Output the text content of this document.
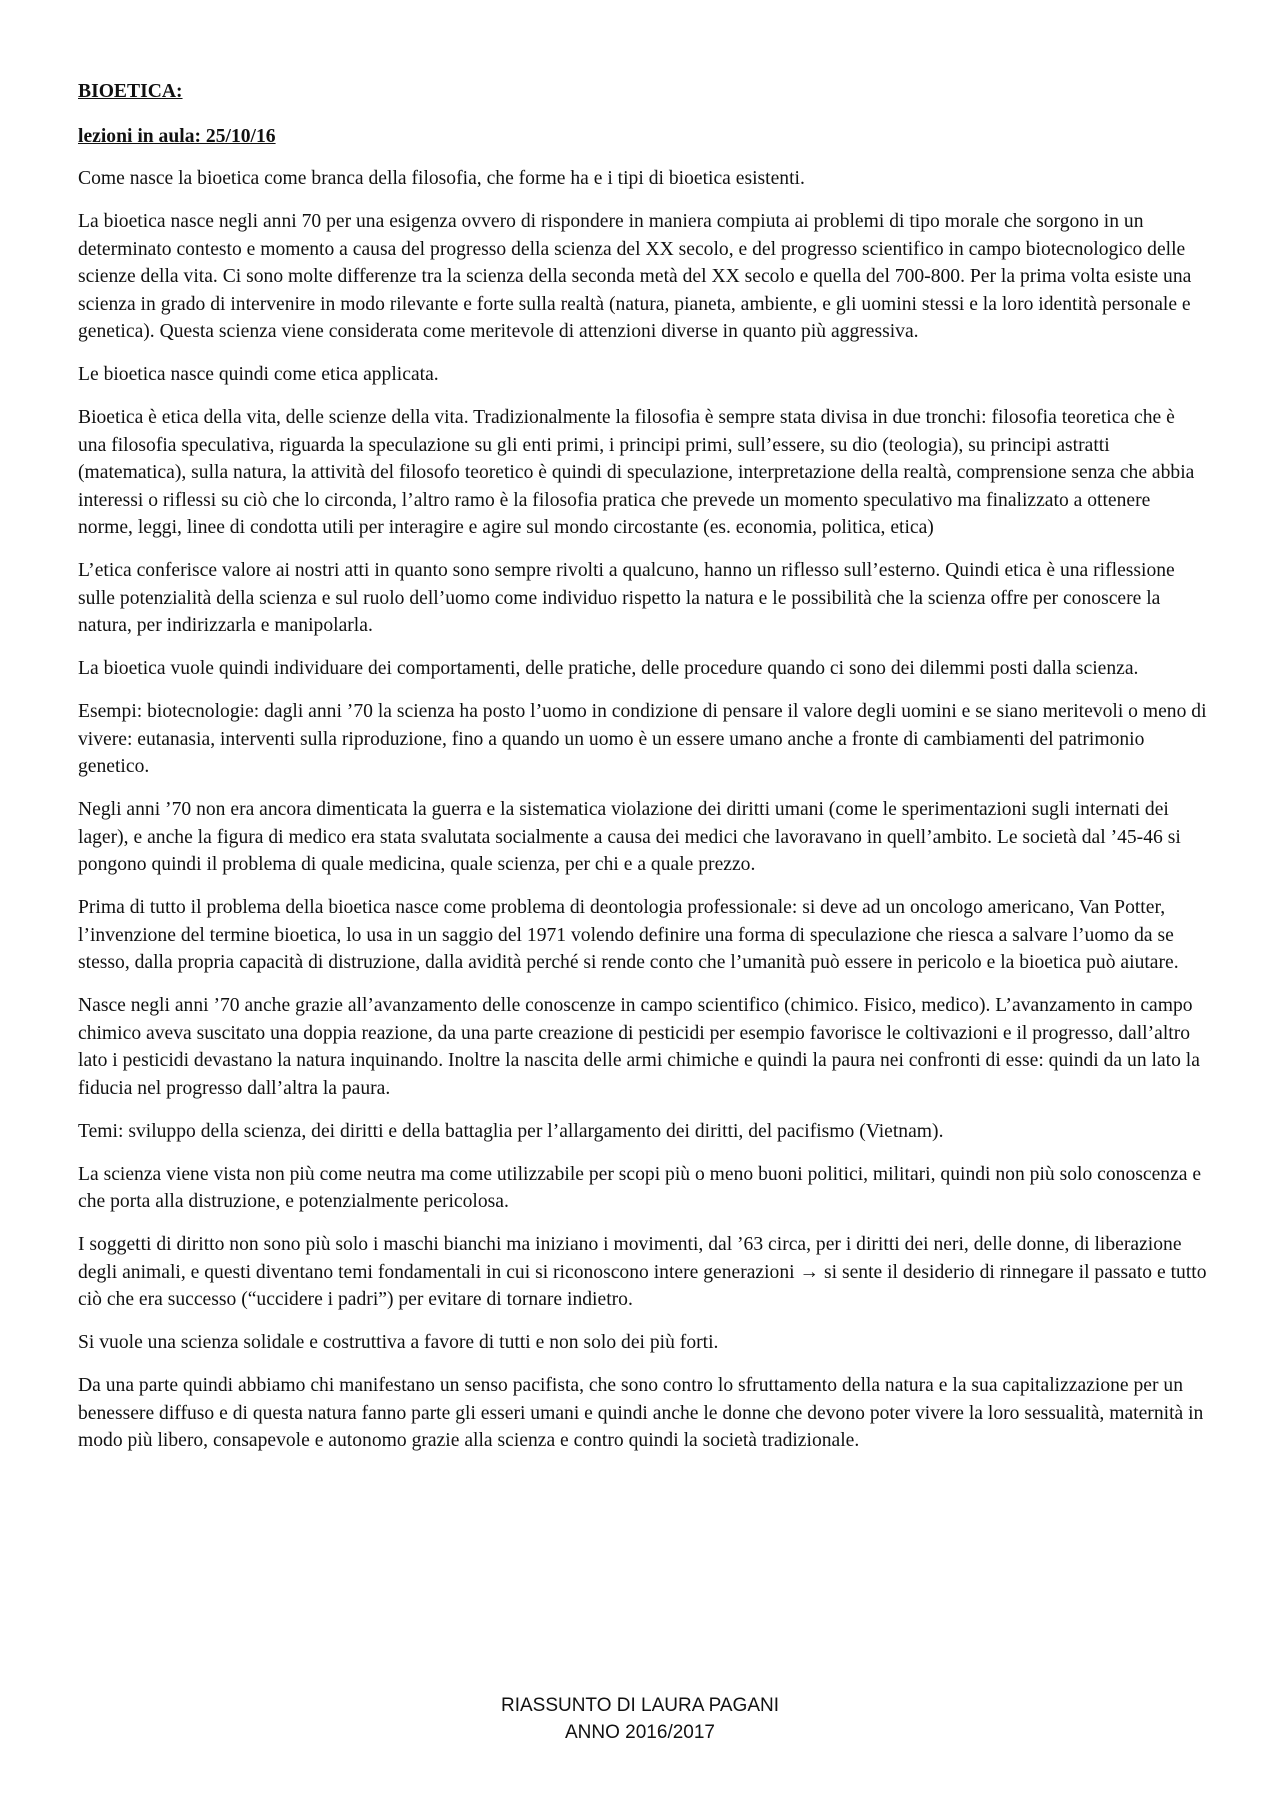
BIOETICA:
lezioni in aula: 25/10/16

Come nasce la bioetica come branca della filosofia, che forme ha e i tipi di bioetica esistenti.

La bioetica nasce negli anni 70 per una esigenza ovvero di rispondere in maniera compiuta ai problemi di tipo morale che sorgono in un determinato contesto e momento a causa del progresso della scienza del XX secolo, e del progresso scientifico in campo biotecnologico delle scienze della vita. Ci sono molte differenze tra la scienza della seconda metà del XX secolo e quella del 700-800. Per la prima volta esiste una scienza in grado di intervenire in modo rilevante e forte sulla realtà (natura, pianeta, ambiente, e gli uomini stessi e la loro identità personale e genetica). Questa scienza viene considerata come meritevole di attenzioni diverse in quanto più aggressiva.

Le bioetica nasce quindi come etica applicata.

Bioetica è etica della vita, delle scienze della vita. Tradizionalmente la filosofia è sempre stata divisa in due tronchi: filosofia teoretica che è una filosofia speculativa, riguarda la speculazione su gli enti primi, i principi primi, sull’essere, su dio (teologia), su principi astratti (matematica), sulla natura, la attività del filosofo teoretico è quindi di speculazione, interpretazione della realtà, comprensione senza che abbia interessi o riflessi su ciò che lo circonda, l’altro ramo è la filosofia pratica che prevede un momento speculativo ma finalizzato a ottenere norme, leggi, linee di condotta utili per interagire e agire sul mondo circostante (es. economia, politica, etica)

L’etica conferisce valore ai nostri atti in quanto sono sempre rivolti a qualcuno, hanno un riflesso sull’esterno. Quindi etica è una riflessione sulle potenzialità della scienza e sul ruolo dell’uomo come individuo rispetto la natura e le possibilità che la scienza offre per conoscere la natura, per indirizzarla e manipolarla.

La bioetica vuole quindi individuare dei comportamenti, delle pratiche, delle procedure quando ci sono dei dilemmi posti dalla scienza.

Esempi: biotecnologie: dagli anni ’70 la scienza ha posto l’uomo in condizione di pensare il valore degli uomini e se siano meritevoli o meno di vivere: eutanasia, interventi sulla riproduzione, fino a quando un uomo è un essere umano anche a fronte di cambiamenti del patrimonio genetico.

Negli anni ’70 non era ancora dimenticata la guerra e la sistematica violazione dei diritti umani (come le sperimentazioni sugli internati dei lager), e anche la figura di medico era stata svalutata socialmente a causa dei medici che lavoravano in quell’ambito. Le società dal ’45-46 si pongono quindi il problema di quale medicina, quale scienza, per chi e a quale prezzo.

Prima di tutto il problema della bioetica nasce come problema di deontologia professionale: si deve ad un oncologo americano, Van Potter, l’invenzione del termine bioetica, lo usa in un saggio del 1971 volendo definire una forma di speculazione che riesca a salvare l’uomo da se stesso, dalla propria capacità di distruzione, dalla avidità perché si rende conto che l’umanità può essere in pericolo e la bioetica può aiutare.

Nasce negli anni ’70 anche grazie all’avanzamento delle conoscenze in campo scientifico (chimico. Fisico, medico). L’avanzamento in campo chimico aveva suscitato una doppia reazione, da una parte creazione di pesticidi per esempio favorisce le coltivazioni e il progresso, dall’altro lato i pesticidi devastano la natura inquinando. Inoltre la nascita delle armi chimiche e quindi la paura nei confronti di esse: quindi da un lato la fiducia nel progresso dall’altra la paura.

Temi: sviluppo della scienza, dei diritti e della battaglia per l’allargamento dei diritti, del pacifismo (Vietnam).

La scienza viene vista non più come neutra ma come utilizzabile per scopi più o meno buoni politici, militari, quindi non più solo conoscenza e che porta alla distruzione, e potenzialmente pericolosa.

I soggetti di diritto non sono più solo i maschi bianchi ma iniziano i movimenti, dal ’63 circa, per i diritti dei neri, delle donne, di liberazione degli animali, e questi diventano temi fondamentali in cui si riconoscono intere generazioni → si sente il desiderio di rinnegare il passato e tutto ciò che era successo (“uccidere i padri”) per evitare di tornare indietro.

Si vuole una scienza solidale e costruttiva a favore di tutti e non solo dei più forti.

Da una parte quindi abbiamo chi manifestano un senso pacifista, che sono contro lo sfruttamento della natura e la sua capitalizzazione per un benessere diffuso e di questa natura fanno parte gli esseri umani e quindi anche le donne che devono poter vivere la loro sessualità, maternità in modo più libero, consapevole e autonomo grazie alla scienza e contro quindi la società tradizionale.

RIASSUNTO DI LAURA PAGANI
ANNO 2016/2017
